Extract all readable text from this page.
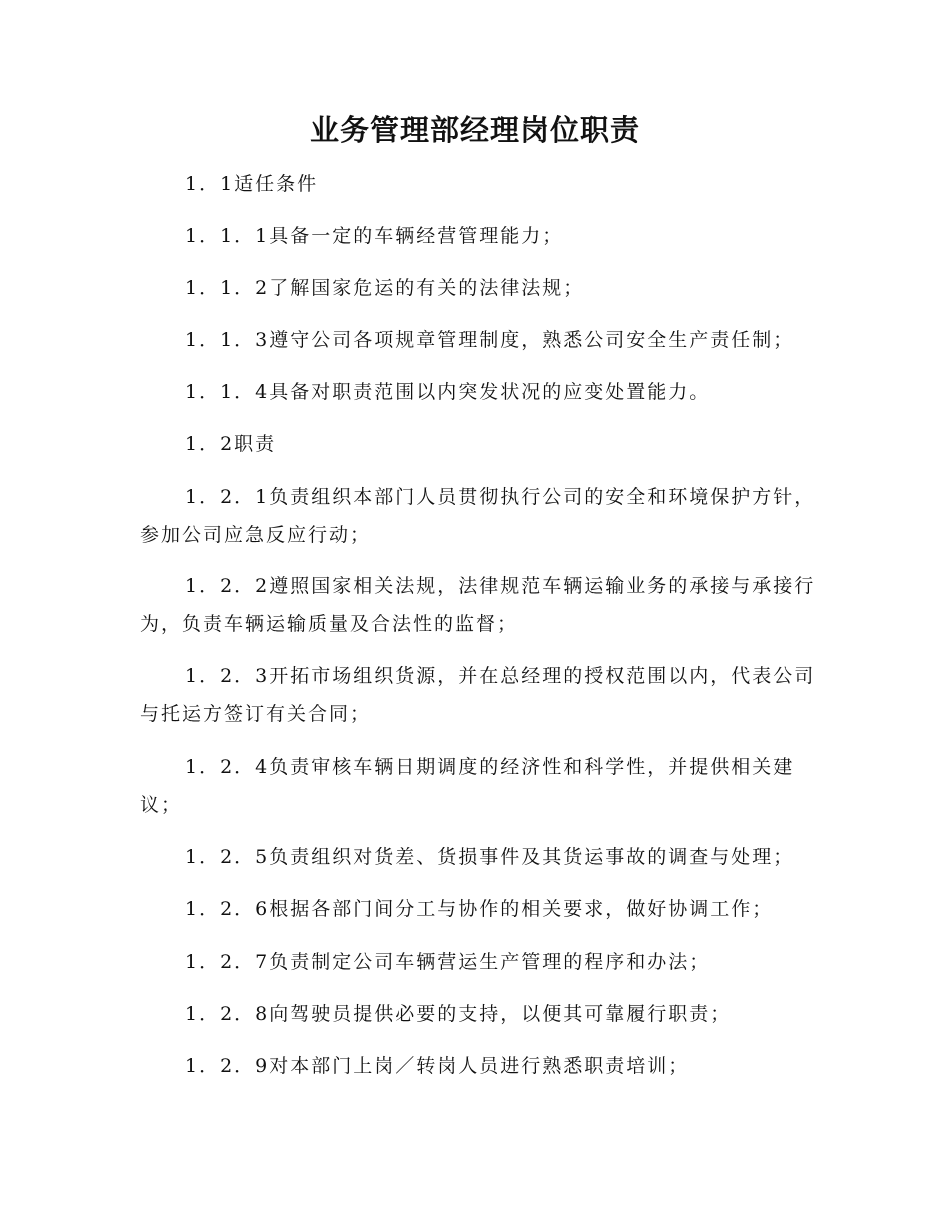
业务管理部经理岗位职责

1．1适任条件

1．1．1具备一定的车辆经营管理能力；

1．1．2了解国家危运的有关的法律法规；

1．1．3遵守公司各项规章管理制度，熟悉公司安全生产责任制；

1．1．4具备对职责范围以内突发状况的应变处置能力。

1．2职责

1．2．1负责组织本部门人员贯彻执行公司的安全和环境保护方针，参加公司应急反应行动；

1．2．2遵照国家相关法规，法律规范车辆运输业务的承接与承接行为，负责车辆运输质量及合法性的监督；

1．2．3开拓市场组织货源，并在总经理的授权范围以内，代表公司与托运方签订有关合同；

1．2．4负责审核车辆日期调度的经济性和科学性，并提供相关建议；

1．2．5负责组织对货差、货损事件及其货运事故的调查与处理；

1．2．6根据各部门间分工与协作的相关要求，做好协调工作；

1．2．7负责制定公司车辆营运生产管理的程序和办法；

1．2．8向驾驶员提供必要的支持，以便其可靠履行职责；

1．2．9对本部门上岗／转岗人员进行熟悉职责培训；
